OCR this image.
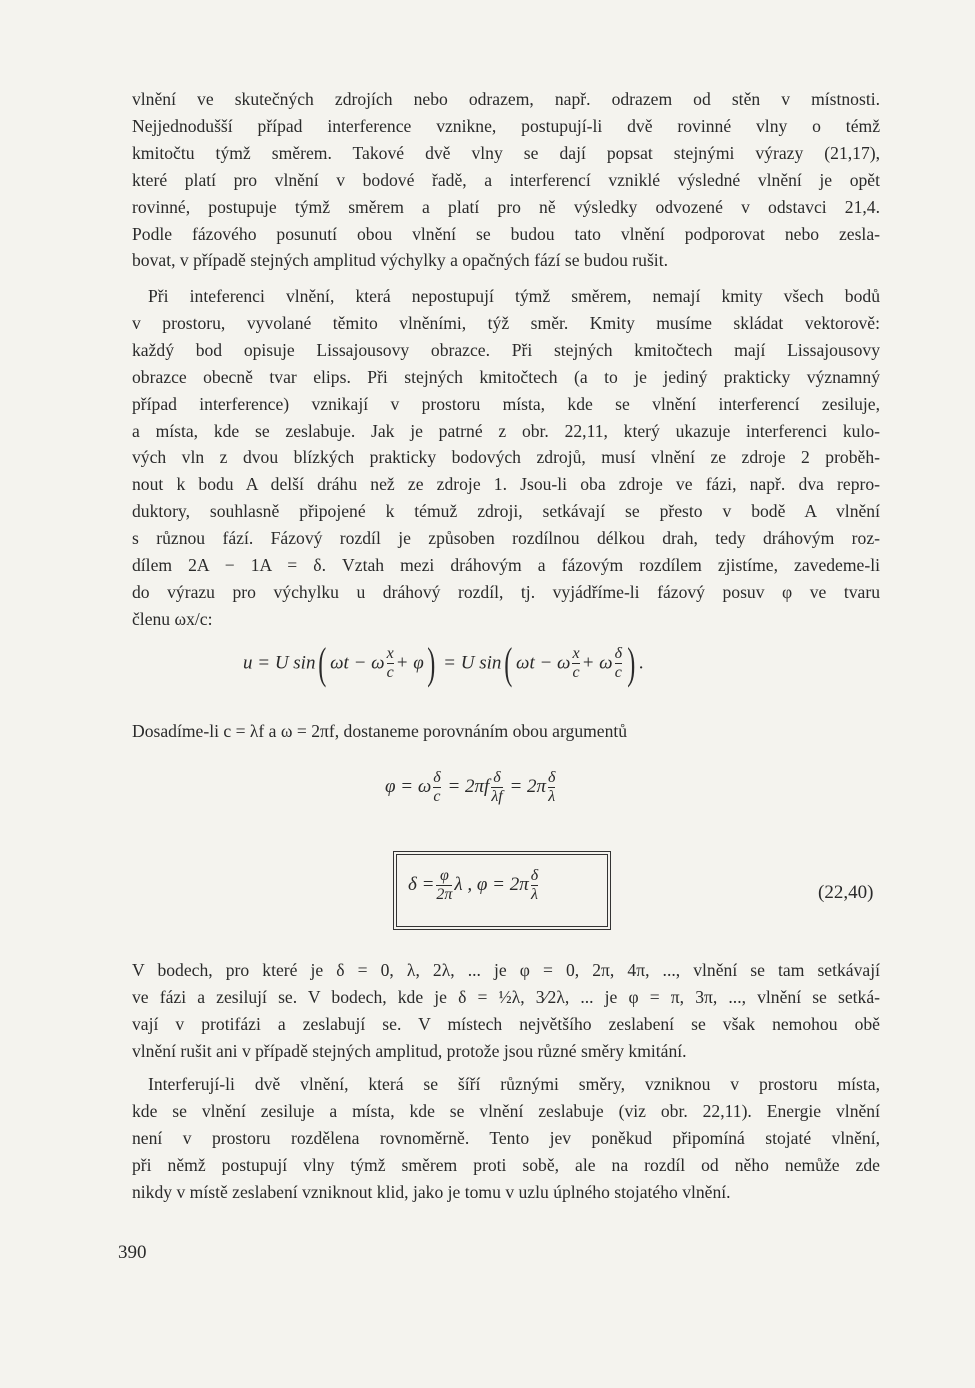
vlnění ve skutečných zdrojích nebo odrazem, např. odrazem od stěn v místnosti.
Nejjednodušší případ interference vznikne, postupují-li dvě rovinné vlny o témž
kmitočtu týmž směrem. Takové dvě vlny se dají popsat stejnými výrazy (21,17),
které platí pro vlnění v bodové řadě, a interferencí vzniklé výsledné vlnění je opět
rovinné, postupuje týmž směrem a platí pro ně výsledky odvozené v odstavci 21,4.
Podle fázového posunutí obou vlnění se budou tato vlnění podporovat nebo zesla-
bovat, v případě stejných amplitud výchylky a opačných fází se budou rušit.
Při inteferenci vlnění, která nepostupují týmž směrem, nemají kmity všech bodů
v prostoru, vyvolané těmito vlněními, týž směr. Kmity musíme skládat vektorově:
každý bod opisuje Lissajousovy obrazce. Při stejných kmitočtech mají Lissajousovy
obrazce obecně tvar elips. Při stejných kmitočtech (a to je jediný prakticky významný
případ interference) vznikají v prostoru místa, kde se vlnění interferencí zesiluje,
a místa, kde se zeslabuje. Jak je patrné z obr. 22,11, který ukazuje interferenci kulo-
vých vln z dvou blízkých prakticky bodových zdrojů, musí vlnění ze zdroje 2 proběh-
nout k bodu A delší dráhu než ze zdroje 1. Jsou-li oba zdroje ve fázi, např. dva repro-
duktory, souhlasně připojené k témuž zdroji, setkávají se přesto v bodě A vlnění
s různou fází. Fázový rozdíl je způsoben rozdílnou délkou drah, tedy dráhovým roz-
dílem 2A − 1A = δ. Vztah mezi dráhovým a fázovým rozdílem zjistíme, zavedeme-li
do výrazu pro výchylku u dráhový rozdíl, tj. vyjádříme-li fázový posuv φ ve tvaru
členu ωx/c:
u = U sin( ωt − ω $\frac{x}{c} + \varphi) = U$ sin( ωt − ω $\frac{x}{c} + \omega \frac{\delta}{c}$ ) .
Dosadíme-li c = λf a ω = 2πf, dostaneme porovnáním obou argumentů
φ = ω $\frac{\delta}{c} = 2\pi f \frac{\delta}{\lambda f} = 2\pi \frac{\delta}{\lambda}$
$\delta = \frac{\varphi}{2\pi}$ λ , $\varphi = 2\pi \frac{\delta}{\lambda}$	(22,40)
V bodech, pro které je δ = 0, λ, 2λ, ... je φ = 0, 2π, 4π, ..., vlnění se tam setkávají
ve fázi a zesilují se. V bodech, kde je δ = ½λ, 3⁄2λ, ... je φ = π, 3π, ..., vlnění se setká-
vají v protifázi a zeslabují se. V místech největšího zeslabení se však nemohou obě
vlnění rušit ani v případě stejných amplitud, protože jsou různé směry kmitání.
Interferují-li dvě vlnění, která se šíří různými směry, vzniknou v prostoru místa,
kde se vlnění zesiluje a místa, kde se vlnění zeslabuje (viz obr. 22,11). Energie vlnění
není v prostoru rozdělena rovnoměrně. Tento jev poněkud připomíná stojaté vlnění,
při němž postupují vlny týmž směrem proti sobě, ale na rozdíl od něho nemůže zde
nikdy v místě zeslabení vzniknout klid, jako je tomu v uzlu úplného stojatého vlnění.
390
